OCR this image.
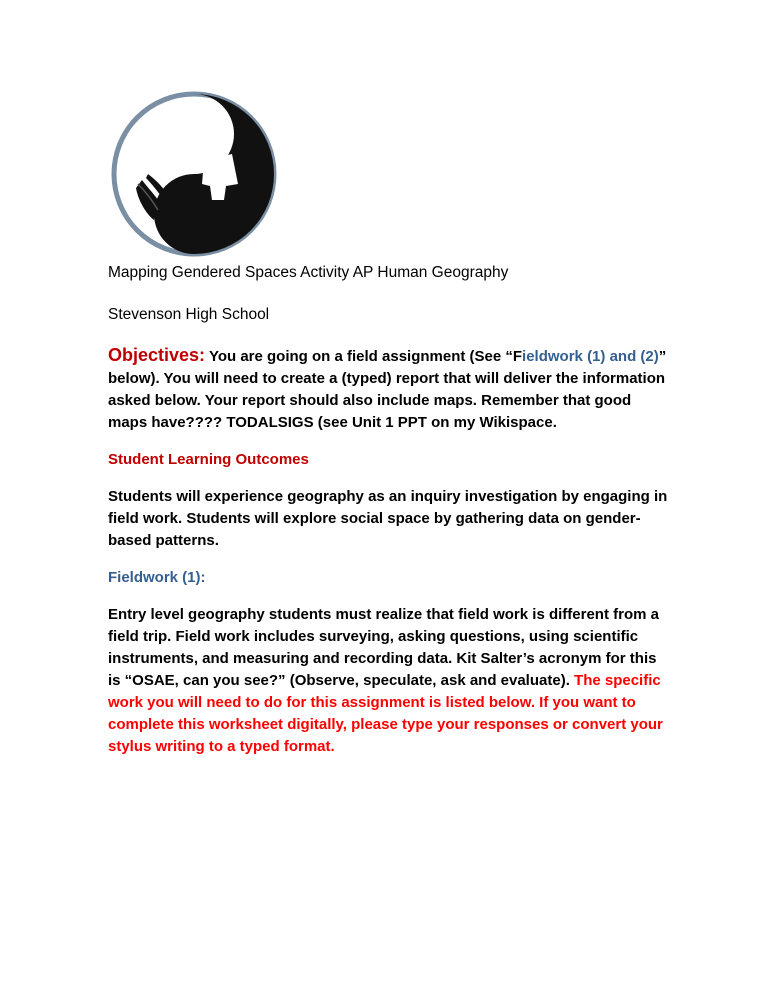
Mapping Gendered Spaces Activity AP Human Geography

Stevenson High School

Objectives: You are going on a field assignment (See “Fieldwork (1) and (2)” below). You will need to create a (typed) report that will deliver the information asked below. Your report should also include maps. Remember that good maps have???? TODALSIGS (see Unit 1 PPT on my Wikispace.

Student Learning Outcomes

Students will experience geography as an inquiry investigation by engaging in field work. Students will explore social space by gathering data on gender-based patterns.

Fieldwork (1):

Entry level geography students must realize that field work is different from a field trip. Field work includes surveying, asking questions, using scientific instruments, and measuring and recording data. Kit Salter’s acronym for this is “OSAE, can you see?” (Observe, speculate, ask and evaluate). The specific work you will need to do for this assignment is listed below. If you want to complete this worksheet digitally, please type your responses or convert your stylus writing to a typed format.
